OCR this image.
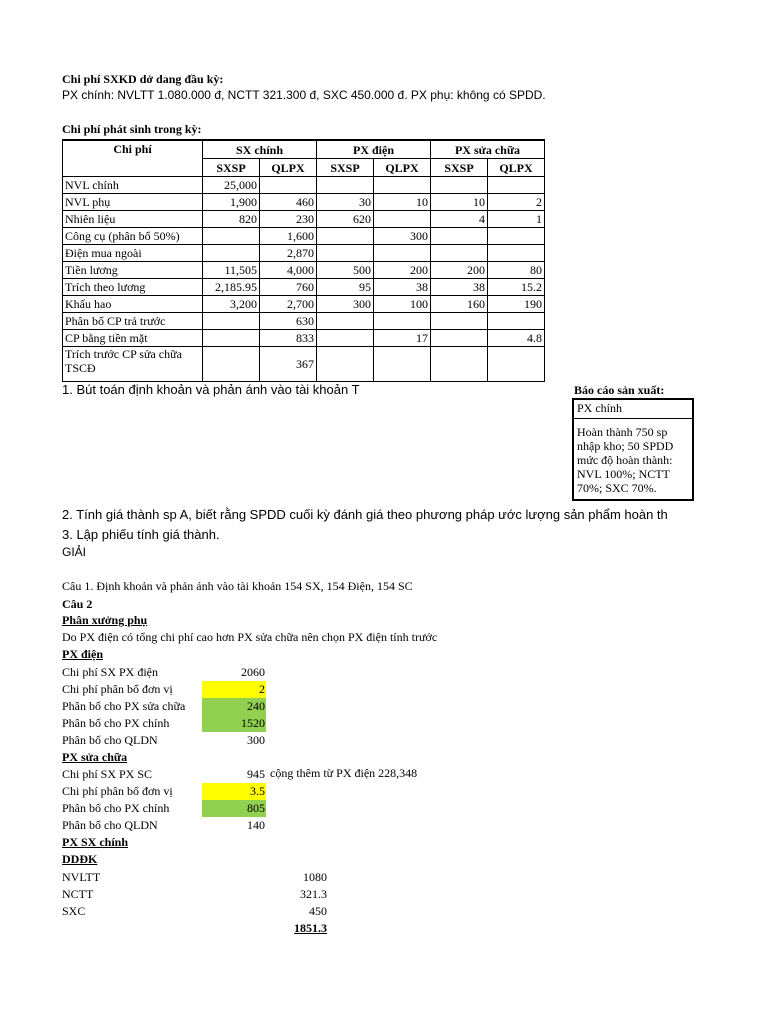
Chi phí SXKD dở dang đầu kỳ:
PX chính: NVLTT 1.080.000 đ, NCTT 321.300 đ, SXC 450.000 đ. PX phụ: không có SPDD.
Chi phí phát sinh trong kỳ:
Chi phí	SX chính		PX điện		PX sửa chữa	
	SXSP	QLPX	SXSP	QLPX	SXSP	QLPX
NVL chính	25,000					
NVL phụ	1,900	460	30	10	10	2
Nhiên liệu	820	230	620		4	1
Công cụ (phân bổ 50%)		1,600		300		
Điện mua ngoài		2,870				
Tiền lương	11,505	4,000	500	200	200	80
Trích theo lương	2,185.95	760	95	38	38	15.2
Khấu hao	3,200	2,700	300	100	160	190
Phân bổ CP trả trước		630				
CP bằng tiền mặt		833		17		4.8
Trích trước CP sửa chữa TSCĐ		367				
1. Bút toán định khoản và phản ánh vào tài khoản T
2. Tính giá thành sp A, biết rằng SPDD cuối kỳ đánh giá theo phương pháp ước lượng sản phẩm hoàn th
3. Lập phiếu tính giá thành.
GIẢI
Báo cáo sản xuất:
PX chính
Hoàn thành 750 sp nhập kho; 50 SPDD mức độ hoàn thành: NVL 100%; NCTT 70%; SXC 70%.
Câu 1. Định khoản và phản ánh vào tài khoản 154 SX, 154 Điện, 154 SC
Câu 2
Phân xưởng phụ
Do PX điện có tổng chi phí cao hơn PX sửa chữa nên chọn PX điện tính trước
PX điện
Chi phí SX PX điện	2060
Chi phí phân bổ đơn vị	2
Phân bổ cho PX sửa chữa	240
Phân bổ cho PX chính	1520
Phân bổ cho QLDN	300
PX sửa chữa
Chi phí SX PX SC	945
Chi phí phân bổ đơn vị	3.5
Phân bổ cho PX chính	805
Phân bổ cho QLDN	140
cộng thêm từ PX điện 228,348
PX SX chính
DDĐK
NVLTT	1080
NCTT	321.3
SXC	450
1851.3
